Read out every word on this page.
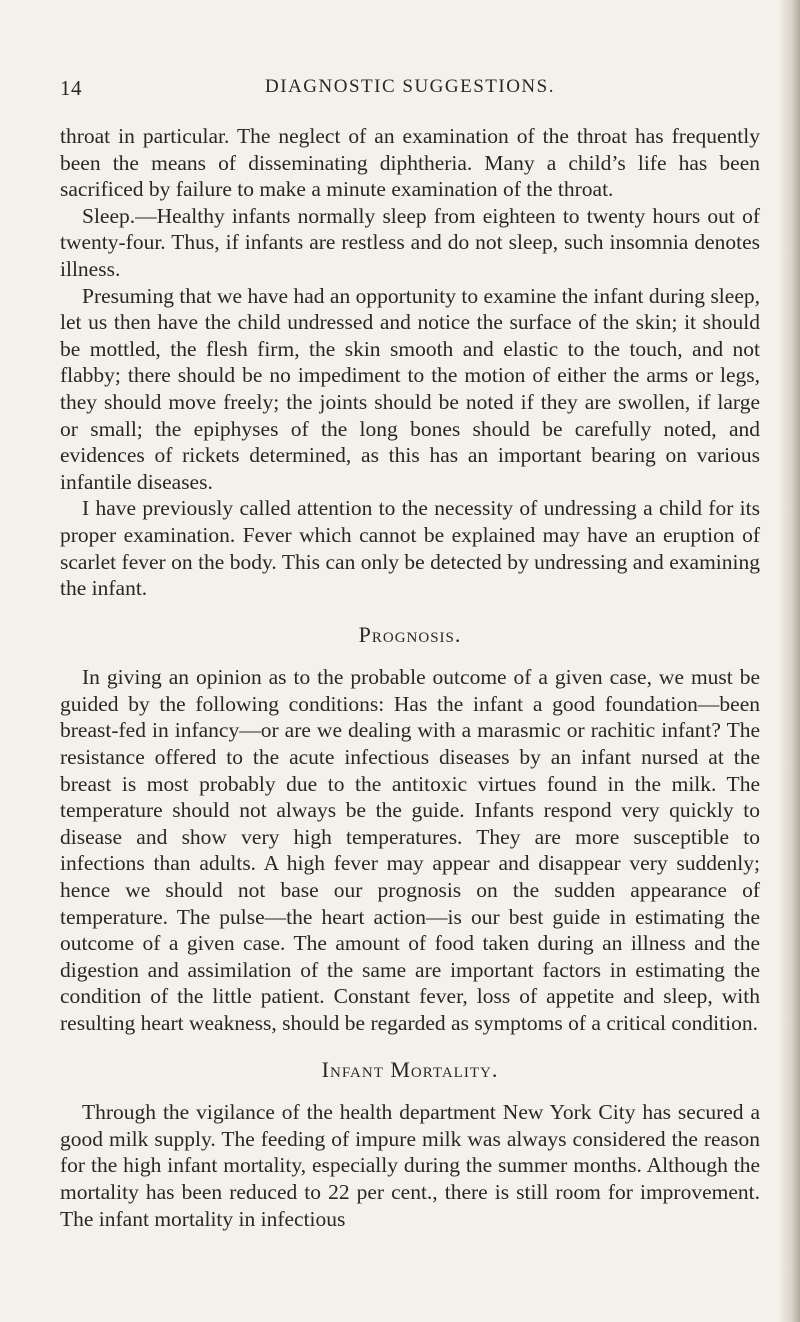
14	DIAGNOSTIC SUGGESTIONS.

throat in particular. The neglect of an examination of the throat has frequently been the means of disseminating diphtheria. Many a child’s life has been sacrificed by failure to make a minute examination of the throat.

Sleep.—Healthy infants normally sleep from eighteen to twenty hours out of twenty-four. Thus, if infants are restless and do not sleep, such insomnia denotes illness.

Presuming that we have had an opportunity to examine the infant during sleep, let us then have the child undressed and notice the surface of the skin; it should be mottled, the flesh firm, the skin smooth and elastic to the touch, and not flabby; there should be no impediment to the motion of either the arms or legs, they should move freely; the joints should be noted if they are swollen, if large or small; the epiphyses of the long bones should be carefully noted, and evidences of rickets determined, as this has an important bearing on various infantile diseases.

I have previously called attention to the necessity of undressing a child for its proper examination. Fever which cannot be explained may have an eruption of scarlet fever on the body. This can only be detected by undressing and examining the infant.

Prognosis.

In giving an opinion as to the probable outcome of a given case, we must be guided by the following conditions: Has the infant a good foundation—been breast-fed in infancy—or are we dealing with a marasmic or rachitic infant? The resistance offered to the acute infectious diseases by an infant nursed at the breast is most probably due to the antitoxic virtues found in the milk. The temperature should not always be the guide. Infants respond very quickly to disease and show very high temperatures. They are more susceptible to infections than adults. A high fever may appear and disappear very suddenly; hence we should not base our prognosis on the sudden appearance of temperature. The pulse—the heart action—is our best guide in estimating the outcome of a given case. The amount of food taken during an illness and the digestion and assimilation of the same are important factors in estimating the condition of the little patient. Constant fever, loss of appetite and sleep, with resulting heart weakness, should be regarded as symptoms of a critical condition.

Infant Mortality.

Through the vigilance of the health department New York City has secured a good milk supply. The feeding of impure milk was always considered the reason for the high infant mortality, especially during the summer months. Although the mortality has been reduced to 22 per cent., there is still room for improvement. The infant mortality in infectious
